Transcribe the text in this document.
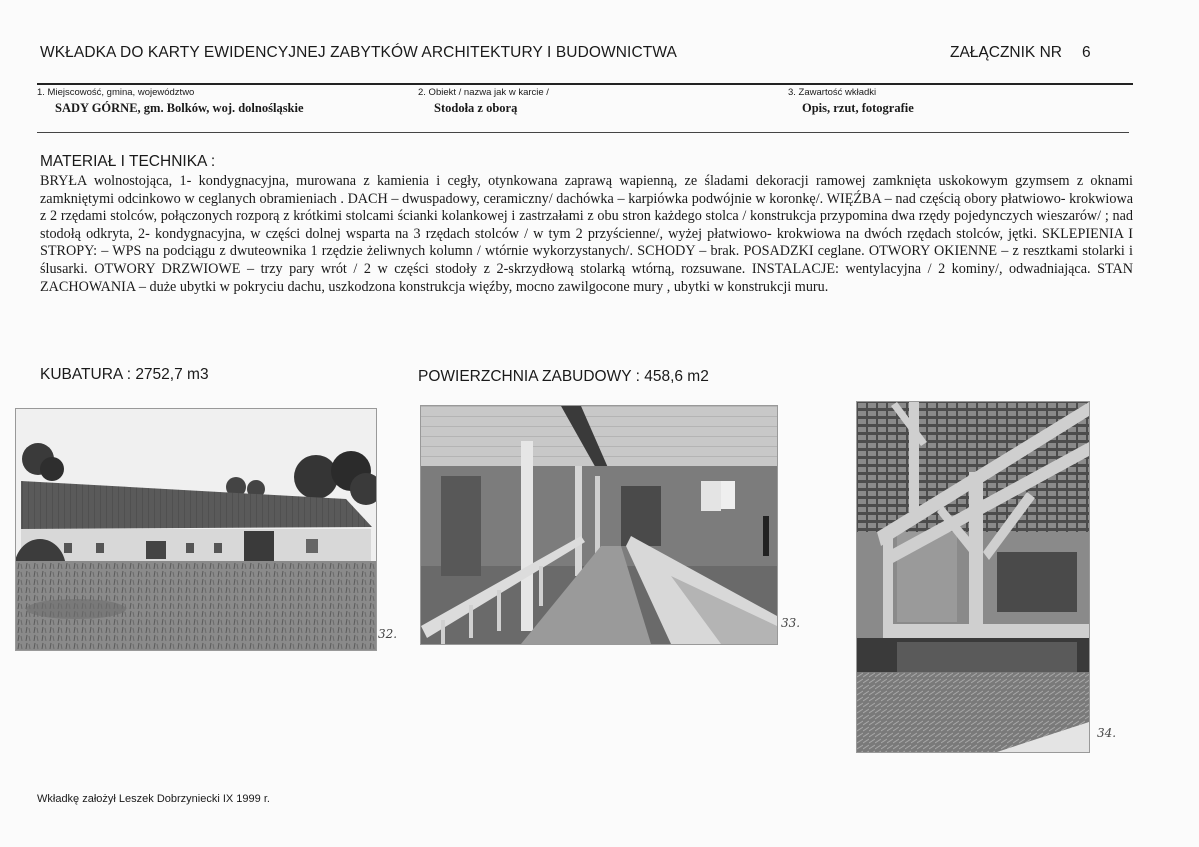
WKŁADKA DO KARTY EWIDENCYJNEJ ZABYTKÓW ARCHITEKTURY I BUDOWNICTWA	ZAŁĄCZNIK NR 6
1. Miejscowość, gmina, województwo
SADY GÓRNE, gm. Bolków, woj. dolnośląskie
2. Obiekt / nazwa jak w karcie /
Stodoła z oborą
3. Zawartość wkładki
Opis, rzut, fotografie
MATERIAŁ I TECHNIKA :
BRYŁA wolnostojąca, 1- kondygnacyjna, murowana z kamienia i cegły, otynkowana zaprawą wapienną, ze śladami dekoracji ramowej zamknięta uskokowym gzymsem z oknami zamkniętymi odcinkowo w ceglanych obramieniach . DACH – dwuspadowy, ceramiczny/ dachówka – karpiówka podwójnie w koronkę/. WIĘŹBA – nad częścią obory płatwiowo- krokwiowa z 2 rzędami stolców, połączonych rozporą z krótkimi stolcami ścianki kolankowej i zastrzałami z obu stron każdego stolca / konstrukcja przypomina dwa rzędy pojedynczych wieszarów/ ; nad stodołą odkryta, 2- kondygnacyjna, w części dolnej wsparta na 3 rzędach stolców / w tym 2 przyścienne/, wyżej płatwiowo- krokwiowa na dwóch rzędach stolców, jętki. SKLEPIENIA I STROPY: – WPS na podciągu z dwuteownika 1 rzędzie żeliwnych kolumn / wtórnie wykorzystanych/. SCHODY – brak. POSADZKI ceglane. OTWORY OKIENNE – z resztkami stolarki i ślusarki. OTWORY DRZWIOWE – trzy pary wrót / 2 w części stodoły z 2-skrzydłową stolarką wtórną, rozsuwane. INSTALACJE: wentylacyjna / 2 kominy/, odwadniająca. STAN ZACHOWANIA – duże ubytki w pokryciu dachu, uszkodzona konstrukcja więźby, mocno zawilgocone mury , ubytki w konstrukcji muru.
KUBATURA : 2752,7 m3	POWIERZCHNIA ZABUDOWY : 458,6 m2
32.
33.
34.
Wkładkę założył Leszek Dobrzyniecki IX 1999 r.
